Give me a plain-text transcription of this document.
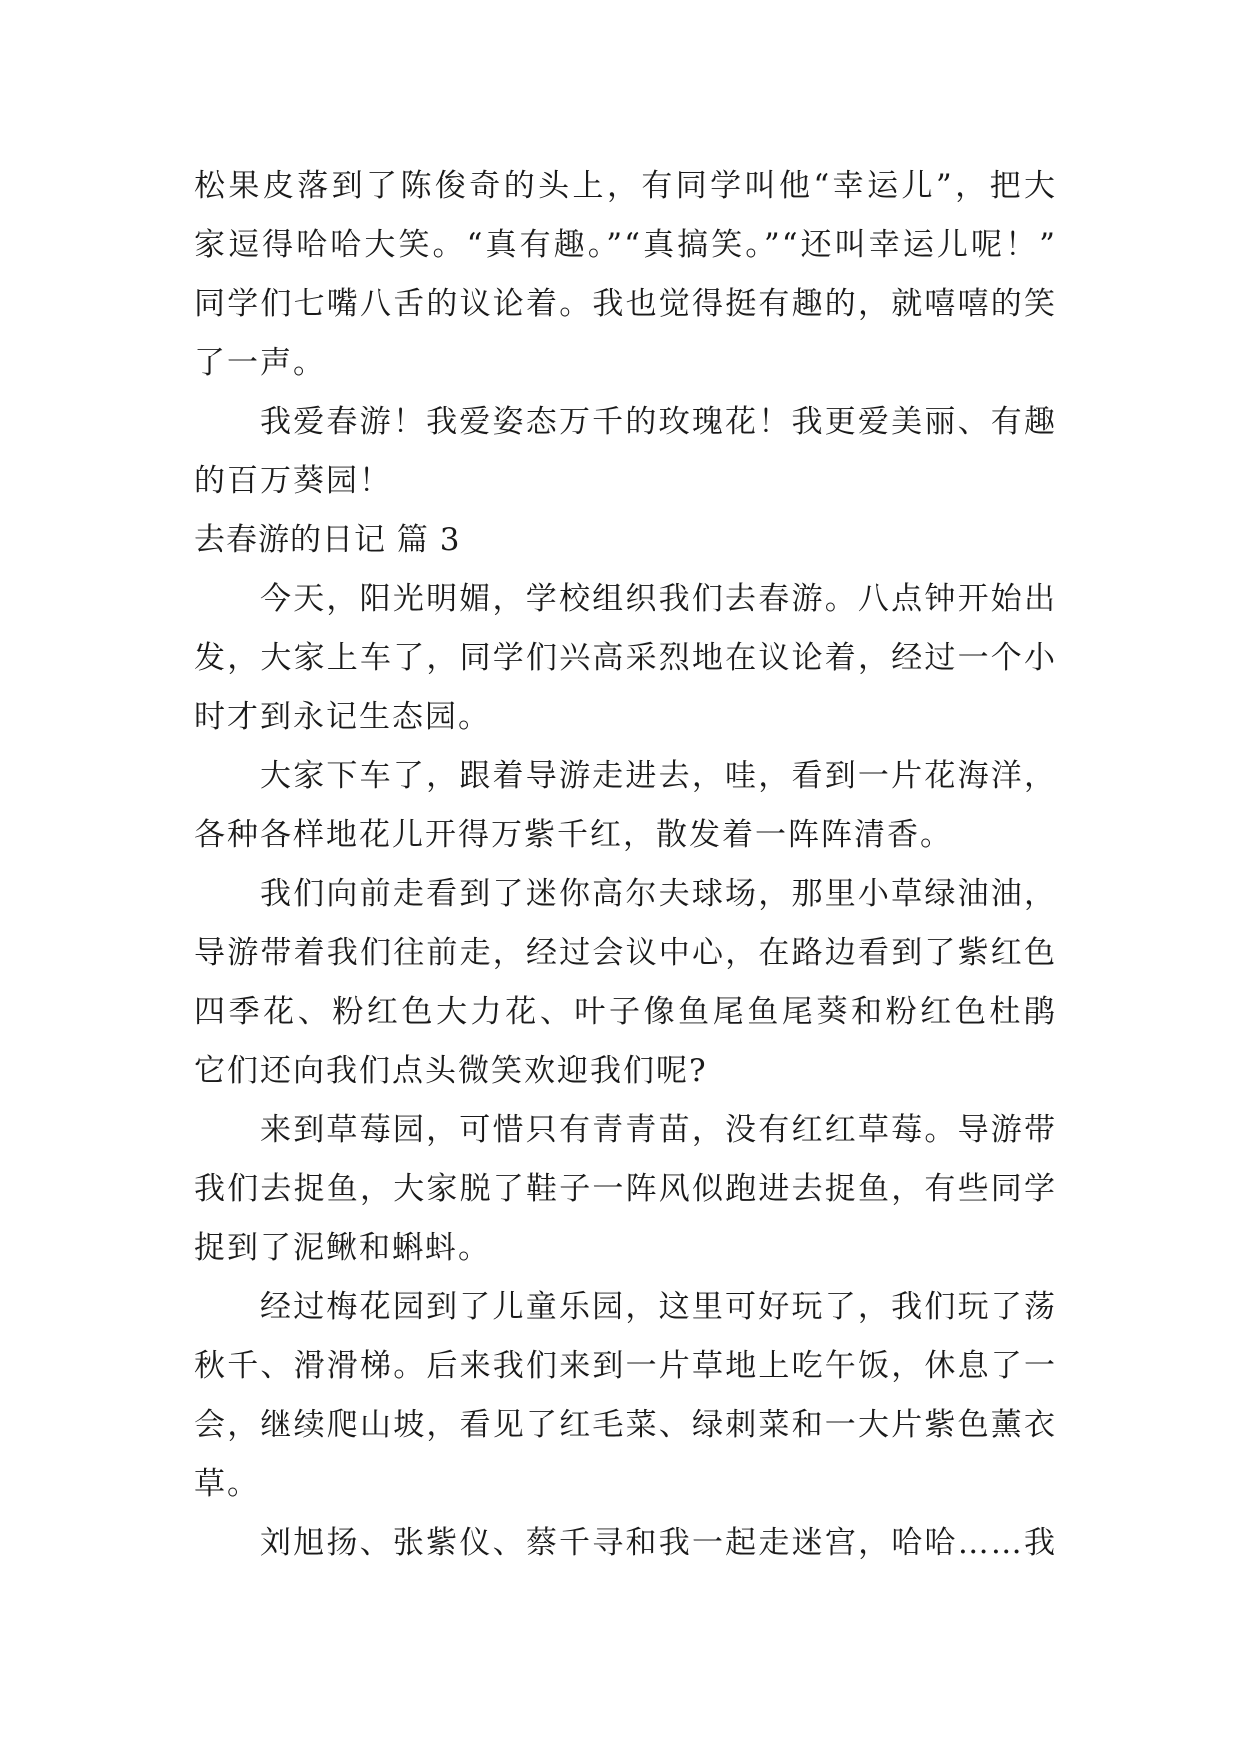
松果皮落到了陈俊奇的头上，有同学叫他“幸运儿”，把大
家逗得哈哈大笑。“真有趣。”“真搞笑。”“还叫幸运儿呢！”
同学们七嘴八舌的议论着。我也觉得挺有趣的，就嘻嘻的笑
了一声。
我爱春游！我爱姿态万千的玫瑰花！我更爱美丽、有趣
的百万葵园！
去春游的日记 篇 3
今天，阳光明媚，学校组织我们去春游。八点钟开始出
发，大家上车了，同学们兴高采烈地在议论着，经过一个小
时才到永记生态园。
大家下车了，跟着导游走进去，哇，看到一片花海洋，
各种各样地花儿开得万紫千红，散发着一阵阵清香。
我们向前走看到了迷你高尔夫球场，那里小草绿油油，
导游带着我们往前走，经过会议中心，在路边看到了紫红色
四季花、粉红色大力花、叶子像鱼尾鱼尾葵和粉红色杜鹃
它们还向我们点头微笑欢迎我们呢?
来到草莓园，可惜只有青青苗，没有红红草莓。导游带
我们去捉鱼，大家脱了鞋子一阵风似跑进去捉鱼，有些同学
捉到了泥鳅和蝌蚪。
经过梅花园到了儿童乐园，这里可好玩了，我们玩了荡
秋千、滑滑梯。后来我们来到一片草地上吃午饭，休息了一
会，继续爬山坡，看见了红毛菜、绿刺菜和一大片紫色薰衣
草。
刘旭扬、张紫仪、蔡千寻和我一起走迷宫，哈哈……我
